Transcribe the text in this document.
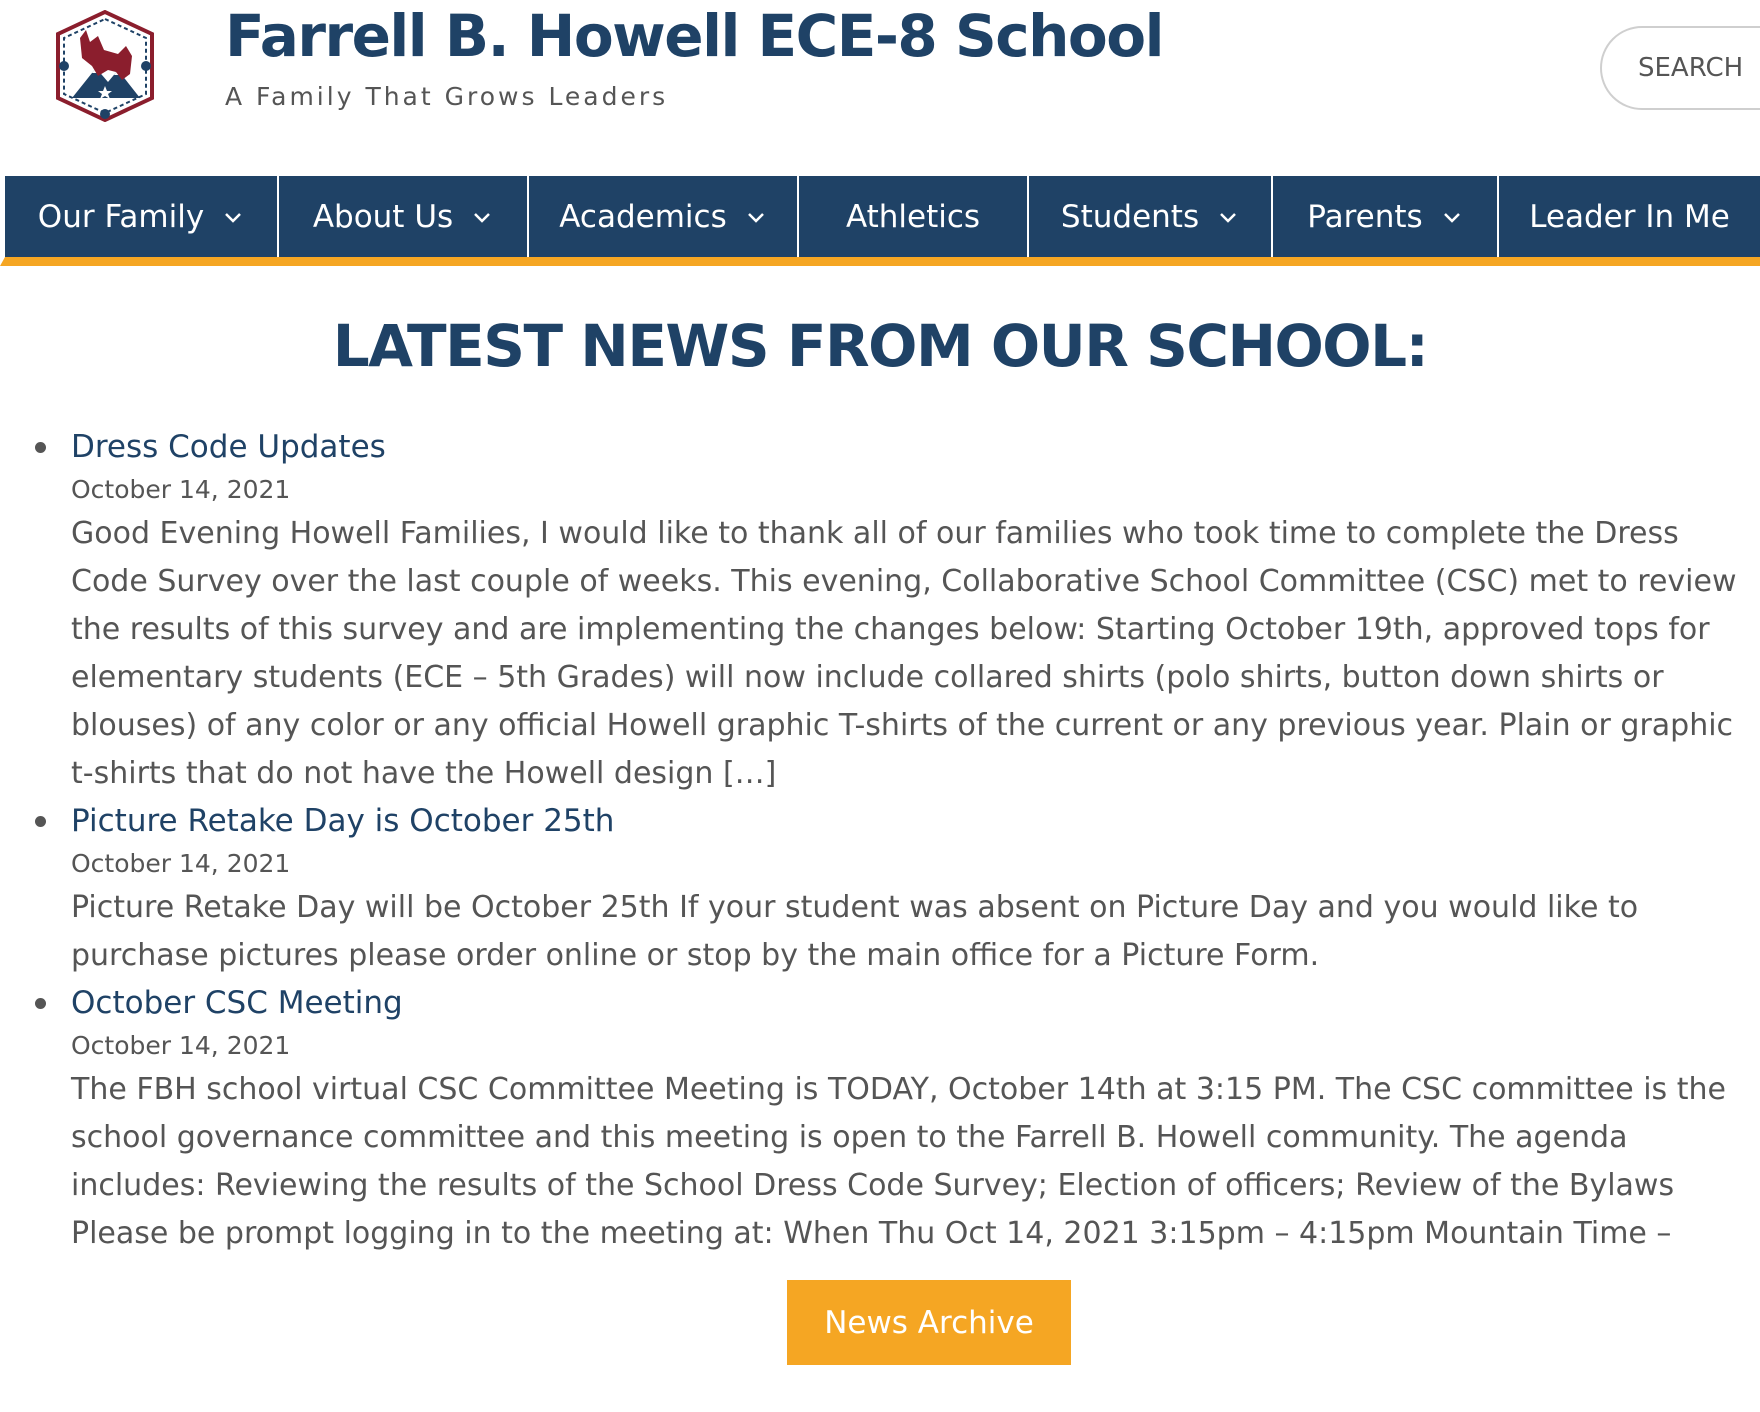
Farrell B. Howell ECE-8 School
A Family That Grows Leaders
SEARCH
Our Family	About Us	Academics	Athletics	Students	Parents	Leader In Me
LATEST NEWS FROM OUR SCHOOL:
Dress Code Updates
October 14, 2021

Good Evening Howell Families, I would like to thank all of our families who took time to complete the Dress Code Survey over the last couple of weeks. This evening, Collaborative School Committee (CSC) met to review the results of this survey and are implementing the changes below: Starting October 19th, approved tops for elementary students (ECE – 5th Grades) will now include collared shirts (polo shirts, button down shirts or blouses) of any color or any official Howell graphic T-shirts of the current or any previous year. Plain or graphic t-shirts that do not have the Howell design […]

Picture Retake Day is October 25th
October 14, 2021

Picture Retake Day will be October 25th If your student was absent on Picture Day and you would like to purchase pictures please order online or stop by the main office for a Picture Form.

October CSC Meeting
October 14, 2021

The FBH school virtual CSC Committee Meeting is TODAY, October 14th at 3:15 PM. The CSC committee is the school governance committee and this meeting is open to the Farrell B. Howell community. The agenda includes: Reviewing the results of the School Dress Code Survey; Election of officers; Review of the Bylaws Please be prompt logging in to the meeting at: When Thu Oct 14, 2021 3:15pm – 4:15pm Mountain Time –

News Archive
